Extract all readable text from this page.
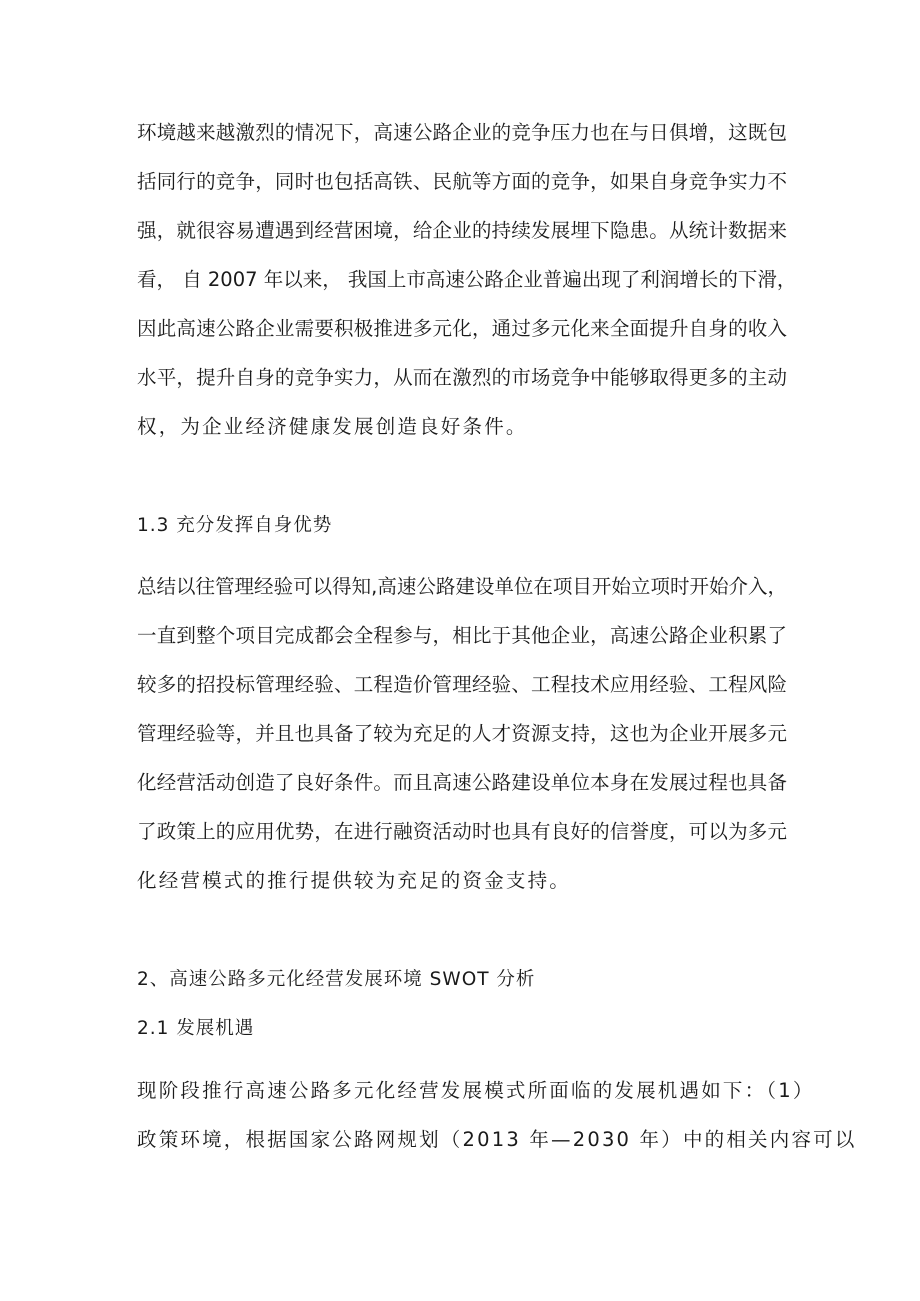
环境越来越激烈的情况下，高速公路企业的竞争压力也在与日俱增，这既包
括同行的竞争，同时也包括高铁、民航等方面的竞争，如果自身竞争实力不
强，就很容易遭遇到经营困境，给企业的持续发展埋下隐患。从统计数据来
看， 自 2007 年以来， 我国上市高速公路企业普遍出现了利润增长的下滑，
因此高速公路企业需要积极推进多元化，通过多元化来全面提升自身的收入
水平，提升自身的竞争实力，从而在激烈的市场竞争中能够取得更多的主动
权，为企业经济健康发展创造良好条件。
1.3 充分发挥自身优势
总结以往管理经验可以得知,高速公路建设单位在项目开始立项时开始介入，
一直到整个项目完成都会全程参与，相比于其他企业，高速公路企业积累了
较多的招投标管理经验、工程造价管理经验、工程技术应用经验、工程风险
管理经验等，并且也具备了较为充足的人才资源支持，这也为企业开展多元
化经营活动创造了良好条件。而且高速公路建设单位本身在发展过程也具备
了政策上的应用优势，在进行融资活动时也具有良好的信誉度，可以为多元
化经营模式的推行提供较为充足的资金支持。
2、高速公路多元化经营发展环境 SWOT 分析
2.1 发展机遇
现阶段推行高速公路多元化经营发展模式所面临的发展机遇如下：（1）
政策环境，根据国家公路网规划（2013 年—2030 年）中的相关内容可以
